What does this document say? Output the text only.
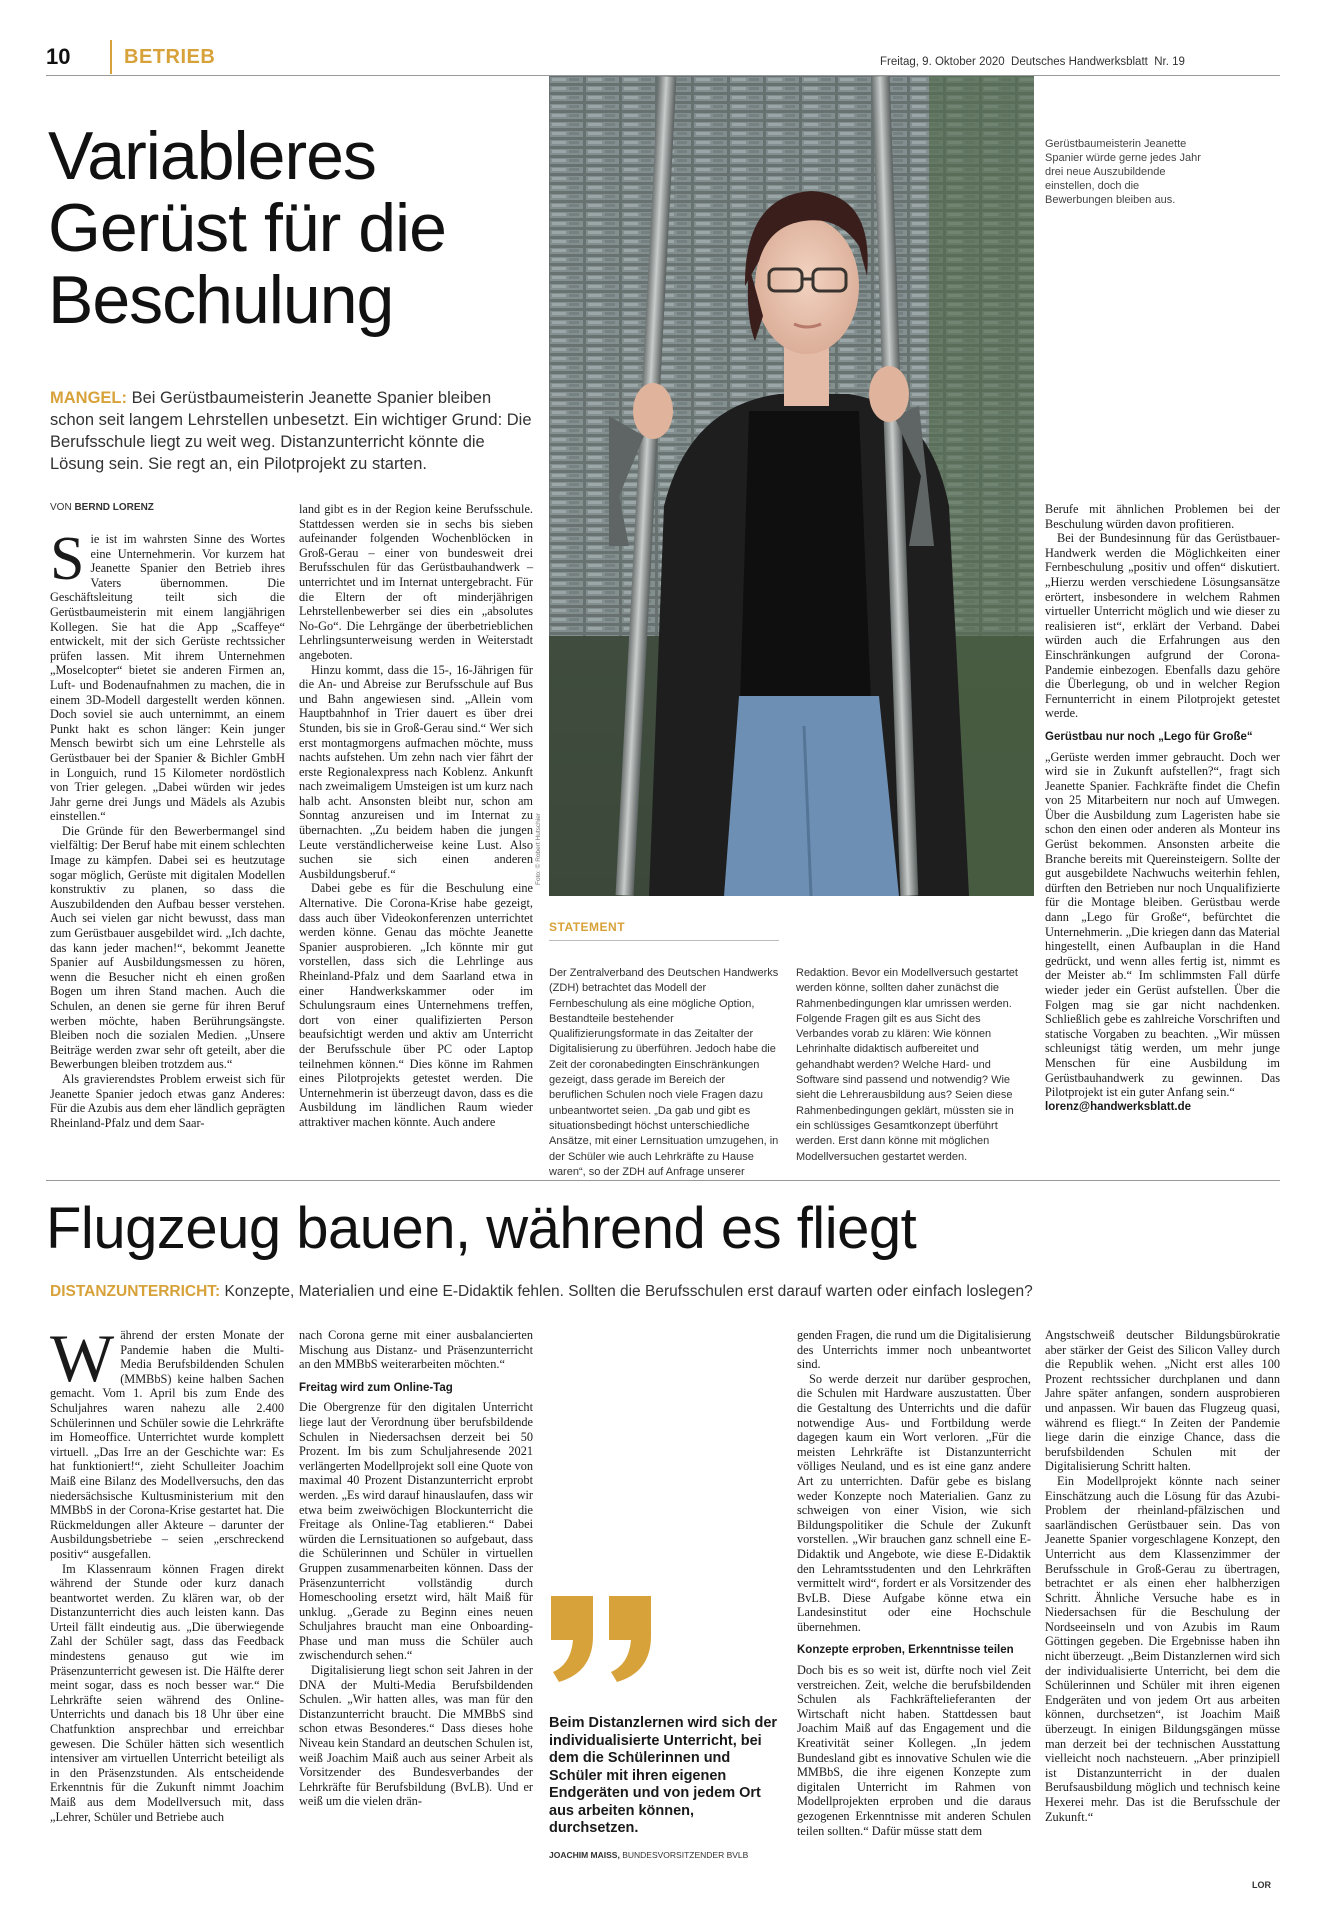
10	BETRIEB	Freitag, 9. Oktober 2020  Deutsches Handwerksblatt  Nr. 19
Variableres
Gerüst für die
Beschulung
MANGEL: Bei Gerüstbaumeisterin Jeanette Spanier bleiben schon seit langem Lehrstellen unbesetzt. Ein wichtiger Grund: Die Berufsschule liegt zu weit weg. Distanzunterricht könnte die Lösung sein. Sie regt an, ein Pilotprojekt zu starten.
VON BERND LORENZ
Foto: © Robert Hutschier
Gerüstbaumeisterin Jeanette Spanier würde gerne jedes Jahr drei neue Auszubildende einstellen, doch die Bewerbungen bleiben aus.
S ie ist im wahrsten Sinne des Wortes eine Unternehmerin. Vor kurzem hat Jeanette Spanier den Betrieb ihres Vaters übernommen. Die Geschäftsleitung teilt sich die Gerüstbaumeisterin mit einem langjährigen Kollegen. Sie hat die App „Scaffeye“ entwickelt, mit der sich Gerüste rechtssicher prüfen lassen. Mit ihrem Unternehmen „Moselcopter“ bietet sie anderen Firmen an, Luft- und Bodenaufnahmen zu machen, die in einem 3D-Modell dargestellt werden können. Doch soviel sie auch unternimmt, an einem Punkt hakt es schon länger: Kein junger Mensch bewirbt sich um eine Lehrstelle als Gerüstbauer bei der Spanier & Bichler GmbH in Longuich, rund 15 Kilometer nordöstlich von Trier gelegen. „Dabei würden wir jedes Jahr gerne drei Jungs und Mädels als Azubis einstellen.“

Die Gründe für den Bewerbermangel sind vielfältig: Der Beruf habe mit einem schlechten Image zu kämpfen. Dabei sei es heutzutage sogar möglich, Gerüste mit digitalen Modellen konstruktiv zu planen, so dass die Auszubildenden den Aufbau besser verstehen. Auch sei vielen gar nicht bewusst, dass man zum Gerüstbauer ausgebildet wird. „Ich dachte, das kann jeder machen!“, bekommt Jeanette Spanier auf Ausbildungsmessen zu hören, wenn die Besucher nicht eh einen großen Bogen um ihren Stand machen. Auch die Schulen, an denen sie gerne für ihren Beruf werben möchte, haben Berührungsängste. Bleiben noch die sozialen Medien. „Unsere Beiträge werden zwar sehr oft geteilt, aber die Bewerbungen bleiben trotzdem aus.“

Als gravierendstes Problem erweist sich für Jeanette Spanier jedoch etwas ganz Anderes: Für die Azubis aus dem eher ländlich geprägten Rheinland-Pfalz und dem Saar-

land gibt es in der Region keine Berufsschule. Stattdessen werden sie in sechs bis sieben aufeinander folgenden Wochenblöcken in Groß-Gerau – einer von bundesweit drei Berufsschulen für das Gerüstbauhandwerk – unterrichtet und im Internat untergebracht. Für die Eltern der oft minderjährigen Lehrstellenbewerber sei dies ein „absolutes No-Go“. Die Lehrgänge der überbetrieblichen Lehrlingsunterweisung werden in Weiterstadt angeboten.

Hinzu kommt, dass die 15-, 16-Jährigen für die An- und Abreise zur Berufsschule auf Bus und Bahn angewiesen sind. „Allein vom Hauptbahnhof in Trier dauert es über drei Stunden, bis sie in Groß-Gerau sind.“ Wer sich erst montagmorgens aufmachen möchte, muss nachts aufstehen. Um zehn nach vier fährt der erste Regionalexpress nach Koblenz. Ankunft nach zweimaligem Umsteigen ist um kurz nach halb acht. Ansonsten bleibt nur, schon am Sonntag anzureisen und im Internat zu übernachten. „Zu beidem haben die jungen Leute verständlicherweise keine Lust. Also suchen sie sich einen anderen Ausbildungsberuf.“

Dabei gebe es für die Beschulung eine Alternative. Die Corona-Krise habe gezeigt, dass auch über Videokonferenzen unterrichtet werden könne. Genau das möchte Jeanette Spanier ausprobieren. „Ich könnte mir gut vorstellen, dass sich die Lehrlinge aus Rheinland-Pfalz und dem Saarland etwa in einer Handwerkskammer oder im Schulungsraum eines Unternehmens treffen, dort von einer qualifizierten Person beaufsichtigt werden und aktiv am Unterricht der Berufsschule über PC oder Laptop teilnehmen können.“ Dies könne im Rahmen eines Pilotprojekts getestet werden. Die Unternehmerin ist überzeugt davon, dass es die Ausbildung im ländlichen Raum wieder attraktiver machen könnte. Auch andere

Berufe mit ähnlichen Problemen bei der Beschulung würden davon profitieren.

Bei der Bundesinnung für das Gerüstbauer-Handwerk werden die Möglichkeiten einer Fernbeschulung „positiv und offen“ diskutiert. „Hierzu werden verschiedene Lösungsansätze erörtert, insbesondere in welchem Rahmen virtueller Unterricht möglich und wie dieser zu realisieren ist“, erklärt der Verband. Dabei würden auch die Erfahrungen aus den Einschränkungen aufgrund der Corona-Pandemie einbezogen. Ebenfalls dazu gehöre die Überlegung, ob und in welcher Region Fernunterricht in einem Pilotprojekt getestet werde.

Gerüstbau nur noch „Lego für Große“

„Gerüste werden immer gebraucht. Doch wer wird sie in Zukunft aufstellen?“, fragt sich Jeanette Spanier. Fachkräfte findet die Chefin von 25 Mitarbeitern nur noch auf Umwegen. Über die Ausbildung zum Lageristen habe sie schon den einen oder anderen als Monteur ins Gerüst bekommen. Ansonsten arbeite die Branche bereits mit Quereinsteigern. Sollte der gut ausgebildete Nachwuchs weiterhin fehlen, dürften den Betrieben nur noch Unqualifizierte für die Montage bleiben. Gerüstbau werde dann „Lego für Große“, befürchtet die Unternehmerin. „Die kriegen dann das Material hingestellt, einen Aufbauplan in die Hand gedrückt, und wenn alles fertig ist, nimmt es der Meister ab.“ Im schlimmsten Fall dürfe wieder jeder ein Gerüst aufstellen. Über die Folgen mag sie gar nicht nachdenken. Schließlich gebe es zahlreiche Vorschriften und statische Vorgaben zu beachten. „Wir müssen schleunigst tätig werden, um mehr junge Menschen für eine Ausbildung im Gerüstbauhandwerk zu gewinnen. Das Pilotprojekt ist ein guter Anfang sein.“

lorenz@handwerksblatt.de

STATEMENT
Der Zentralverband des Deutschen Handwerks (ZDH) betrachtet das Modell der Fernbeschulung als eine mögliche Option, Bestandteile bestehender Qualifizierungsformate in das Zeitalter der Digitalisierung zu überführen. Jedoch habe die Zeit der coronabedingten Einschränkungen gezeigt, dass gerade im Bereich der beruflichen Schulen noch viele Fragen dazu unbeantwortet seien. „Da gab und gibt es situationsbedingt höchst unterschiedliche Ansätze, mit einer Lernsituation umzugehen, in der Schüler wie auch Lehrkräfte zu Hause waren“, so der ZDH auf Anfrage unserer
Redaktion. Bevor ein Modellversuch gestartet werden könne, sollten daher zunächst die Rahmenbedingungen klar umrissen werden. Folgende Fragen gilt es aus Sicht des Verbandes vorab zu klären: Wie können Lehrinhalte didaktisch aufbereitet und gehandhabt werden? Welche Hard- und Software sind passend und notwendig? Wie sieht die Lehrerausbildung aus? Seien diese Rahmenbedingungen geklärt, müssten sie in ein schlüssiges Gesamtkonzept überführt werden. Erst dann könne mit möglichen Modellversuchen gestartet werden.
Flugzeug bauen, während es fliegt
DISTANZUNTERRICHT: Konzepte, Materialien und eine E-Didaktik fehlen. Sollten die Berufsschulen erst darauf warten oder einfach loslegen?
W ährend der ersten Monate der Pandemie haben die Multi-Media Berufsbildenden Schulen (MMBbS) keine halben Sachen gemacht. Vom 1. April bis zum Ende des Schuljahres waren nahezu alle 2.400 Schülerinnen und Schüler sowie die Lehrkräfte im Homeoffice. Unterrichtet wurde komplett virtuell. „Das Irre an der Geschichte war: Es hat funktioniert!“, zieht Schulleiter Joachim Maiß eine Bilanz des Modellversuchs, den das niedersächsische Kultusministerium mit den MMBbS in der Corona-Krise gestartet hat. Die Rückmeldungen aller Akteure – darunter der Ausbildungsbetriebe – seien „erschreckend positiv“ ausgefallen.

Im Klassenraum können Fragen direkt während der Stunde oder kurz danach beantwortet werden. Zu klären war, ob der Distanzunterricht dies auch leisten kann. Das Urteil fällt eindeutig aus. „Die überwiegende Zahl der Schüler sagt, dass das Feedback mindestens genauso gut wie im Präsenzunterricht gewesen ist. Die Hälfte derer meint sogar, dass es noch besser war.“ Die Lehrkräfte seien während des Online-Unterrichts und danach bis 18 Uhr über eine Chatfunktion ansprechbar und erreichbar gewesen. Die Schüler hätten sich wesentlich intensiver am virtuellen Unterricht beteiligt als in den Präsenzstunden. Als entscheidende Erkenntnis für die Zukunft nimmt Joachim Maiß aus dem Modellversuch mit, dass „Lehrer, Schüler und Betriebe auch

nach Corona gerne mit einer ausbalancierten Mischung aus Distanz- und Präsenzunterricht an den MMBbS weiterarbeiten möchten.“

Freitag wird zum Online-Tag

Die Obergrenze für den digitalen Unterricht liege laut der Verordnung über berufsbildende Schulen in Niedersachsen derzeit bei 50 Prozent. Im bis zum Schuljahresende 2021 verlängerten Modellprojekt soll eine Quote von maximal 40 Prozent Distanzunterricht erprobt werden. „Es wird darauf hinauslaufen, dass wir etwa beim zweiwöchigen Blockunterricht die Freitage als Online-Tag etablieren.“ Dabei würden die Lernsituationen so aufgebaut, dass die Schülerinnen und Schüler in virtuellen Gruppen zusammenarbeiten können. Dass der Präsenzunterricht vollständig durch Homeschooling ersetzt wird, hält Maiß für unklug. „Gerade zu Beginn eines neuen Schuljahres braucht man eine Onboarding-Phase und man muss die Schüler auch zwischendurch sehen.“

Digitalisierung liegt schon seit Jahren in der DNA der Multi-Media Berufsbildenden Schulen. „Wir hatten alles, was man für den Distanzunterricht braucht. Die MMBbS sind schon etwas Besonderes.“ Dass dieses hohe Niveau kein Standard an deutschen Schulen ist, weiß Joachim Maiß auch aus seiner Arbeit als Vorsitzender des Bundesverbandes der Lehrkräfte für Berufsbildung (BvLB). Und er weiß um die vielen drän-

Beim Distanzlernen wird sich der individualisierte Unterricht, bei dem die Schülerinnen und Schüler mit ihren eigenen Endgeräten und von jedem Ort aus arbeiten können, durchsetzen.
JOACHIM MAISS, BUNDESVORSITZENDER BVLB

genden Fragen, die rund um die Digitalisierung des Unterrichts immer noch unbeantwortet sind.

So werde derzeit nur darüber gesprochen, die Schulen mit Hardware auszustatten. Über die Gestaltung des Unterrichts und die dafür notwendige Aus- und Fortbildung werde dagegen kaum ein Wort verloren. „Für die meisten Lehrkräfte ist Distanzunterricht völliges Neuland, und es ist eine ganz andere Art zu unterrichten. Dafür gebe es bislang weder Konzepte noch Materialien. Ganz zu schweigen von einer Vision, wie sich Bildungspolitiker die Schule der Zukunft vorstellen. „Wir brauchen ganz schnell eine E-Didaktik und Angebote, wie diese E-Didaktik den Lehramtsstudenten und den Lehrkräften vermittelt wird“, fordert er als Vorsitzender des BvLB. Diese Aufgabe könne etwa ein Landesinstitut oder eine Hochschule übernehmen.

Konzepte erproben, Erkenntnisse teilen

Doch bis es so weit ist, dürfte noch viel Zeit verstreichen. Zeit, welche die berufsbildenden Schulen als Fachkräftelieferanten der Wirtschaft nicht haben. Stattdessen baut Joachim Maiß auf das Engagement und die Kreativität seiner Kollegen. „In jedem Bundesland gibt es innovative Schulen wie die MMBbS, die ihre eigenen Konzepte zum digitalen Unterricht im Rahmen von Modellprojekten erproben und die daraus gezogenen Erkenntnisse mit anderen Schulen teilen sollten.“ Dafür müsse statt dem

Angstschweiß deutscher Bildungsbürokratie aber stärker der Geist des Silicon Valley durch die Republik wehen. „Nicht erst alles 100 Prozent rechtssicher durchplanen und dann Jahre später anfangen, sondern ausprobieren und anpassen. Wir bauen das Flugzeug quasi, während es fliegt.“ In Zeiten der Pandemie liege darin die einzige Chance, dass die berufsbildenden Schulen mit der Digitalisierung Schritt halten.

Ein Modellprojekt könnte nach seiner Einschätzung auch die Lösung für das Azubi-Problem der rheinland-pfälzischen und saarländischen Gerüstbauer sein. Das von Jeanette Spanier vorgeschlagene Konzept, den Unterricht aus dem Klassenzimmer der Berufsschule in Groß-Gerau zu übertragen, betrachtet er als einen eher halbherzigen Schritt. Ähnliche Versuche habe es in Niedersachsen für die Beschulung der Nordseeinseln und von Azubis im Raum Göttingen gegeben. Die Ergebnisse haben ihn nicht überzeugt. „Beim Distanzlernen wird sich der individualisierte Unterricht, bei dem die Schülerinnen und Schüler mit ihren eigenen Endgeräten und von jedem Ort aus arbeiten können, durchsetzen“, ist Joachim Maiß überzeugt. In einigen Bildungsgängen müsse man derzeit bei der technischen Ausstattung vielleicht noch nachsteuern. „Aber prinzipiell ist Distanzunterricht in der dualen Berufsausbildung möglich und technisch keine Hexerei mehr. Das ist die Berufsschule der Zukunft.“

LOR
